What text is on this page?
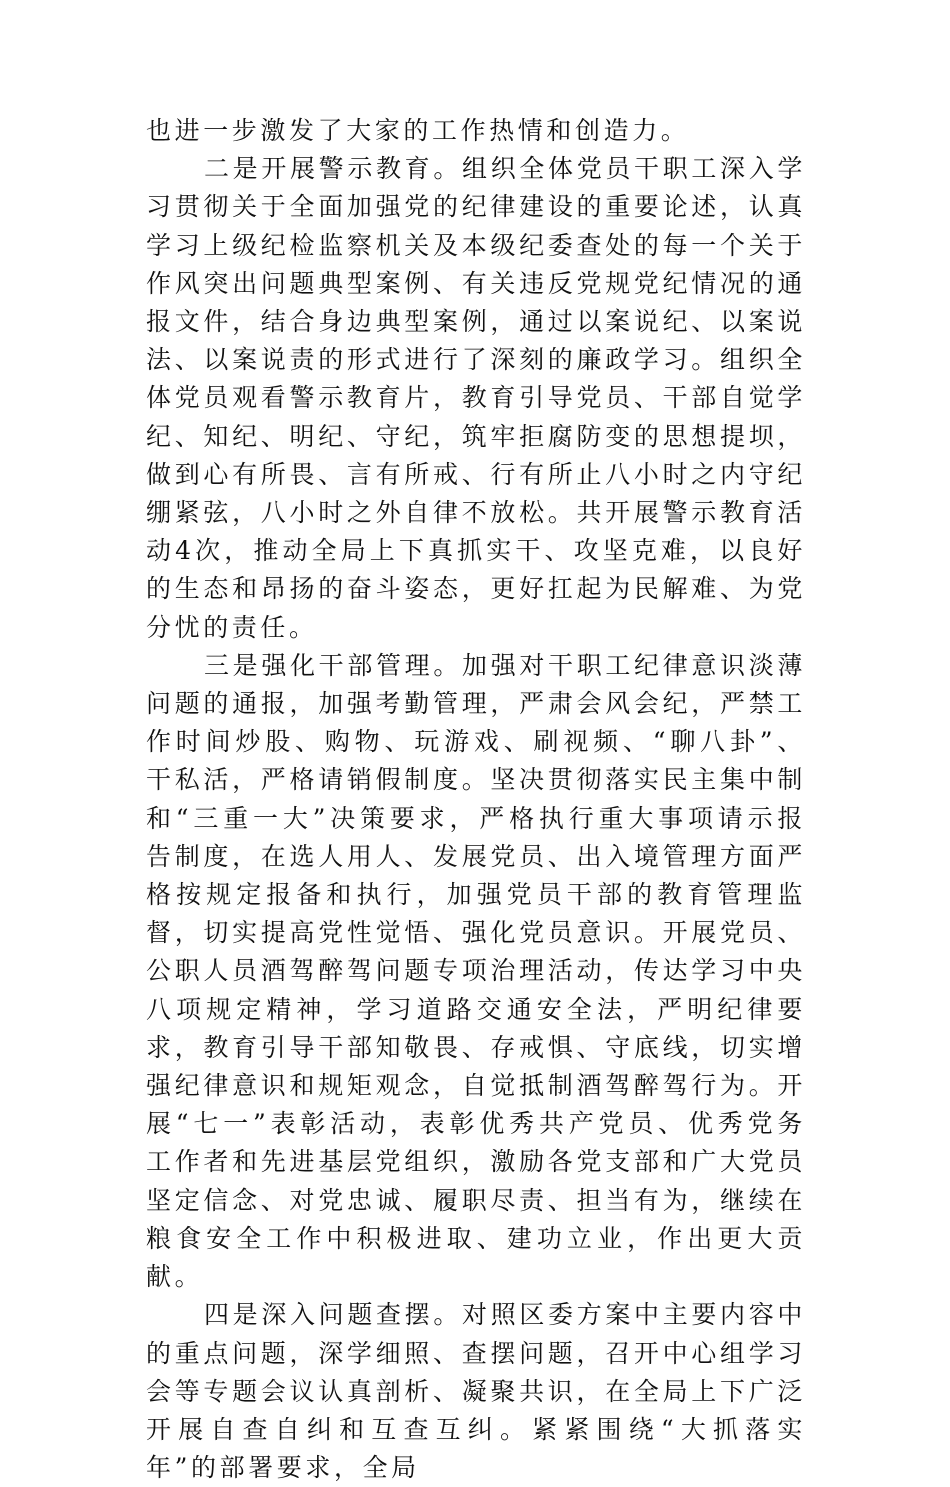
也进一步激发了大家的工作热情和创造力。

二是开展警示教育。组织全体党员干职工深入学习贯彻关于全面加强党的纪律建设的重要论述，认真学习上级纪检监察机关及本级纪委查处的每一个关于作风突出问题典型案例、有关违反党规党纪情况的通报文件，结合身边典型案例，通过以案说纪、以案说法、以案说责的形式进行了深刻的廉政学习。组织全体党员观看警示教育片，教育引导党员、干部自觉学纪、知纪、明纪、守纪，筑牢拒腐防变的思想提坝，做到心有所畏、言有所戒、行有所止八小时之内守纪绷紧弦，八小时之外自律不放松。共开展警示教育活动4次，推动全局上下真抓实干、攻坚克难，以良好的生态和昂扬的奋斗姿态，更好扛起为民解难、为党分忧的责任。

三是强化干部管理。加强对干职工纪律意识淡薄问题的通报，加强考勤管理，严肃会风会纪，严禁工作时间炒股、购物、玩游戏、刷视频、“聊八卦”、干私活，严格请销假制度。坚决贯彻落实民主集中制和“三重一大”决策要求，严格执行重大事项请示报告制度，在选人用人、发展党员、出入境管理方面严格按规定报备和执行，加强党员干部的教育管理监督，切实提高党性觉悟、强化党员意识。开展党员、公职人员酒驾醉驾问题专项治理活动，传达学习中央八项规定精神，学习道路交通安全法，严明纪律要求，教育引导干部知敬畏、存戒惧、守底线，切实增强纪律意识和规矩观念，自觉抵制酒驾醉驾行为。开展“七一”表彰活动，表彰优秀共产党员、优秀党务工作者和先进基层党组织，激励各党支部和广大党员坚定信念、对党忠诚、履职尽责、担当有为，继续在粮食安全工作中积极进取、建功立业，作出更大贡献。

四是深入问题查摆。对照区委方案中主要内容中的重点问题，深学细照、查摆问题，召开中心组学习会等专题会议认真剖析、凝聚共识，在全局上下广泛开展自查自纠和互查互纠。紧紧围绕“大抓落实年”的部署要求，全局
